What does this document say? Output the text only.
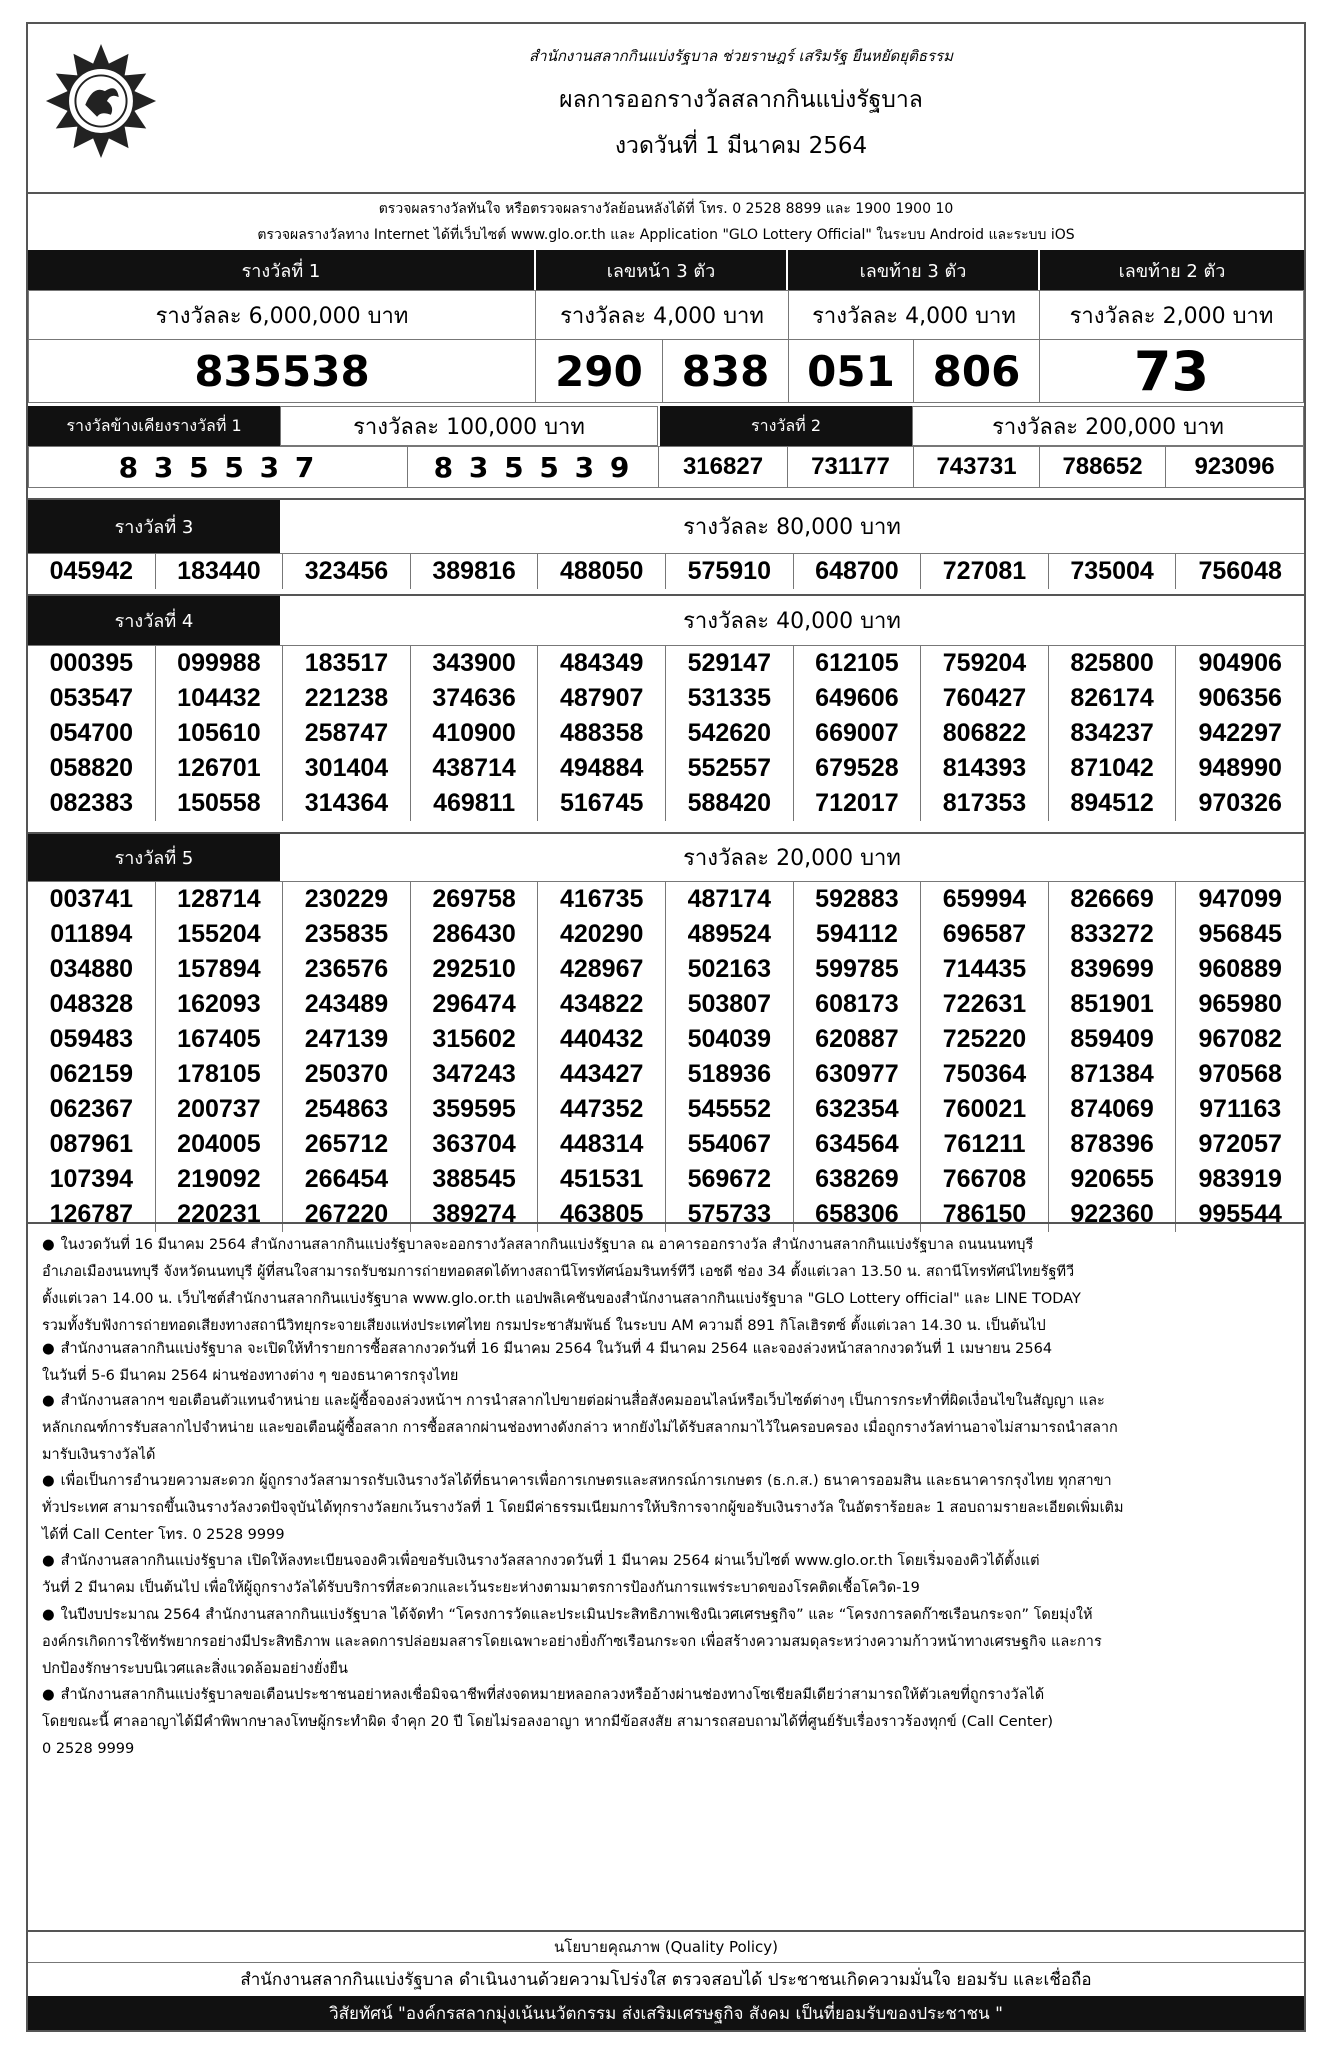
สำนักงานสลากกินแบ่งรัฐบาล ช่วยราษฎร์ เสริมรัฐ ยืนหยัดยุติธรรม
ผลการออกรางวัลสลากกินแบ่งรัฐบาล
งวดวันที่ 1 มีนาคม 2564
ตรวจผลรางวัลทันใจ หรือตรวจผลรางวัลย้อนหลังได้ที่ โทร. 0 2528 8899 และ 1900 1900 10
ตรวจผลรางวัลทาง Internet ได้ที่เว็บไซต์ www.glo.or.th และ Application "GLO Lottery Official" ในระบบ Android และระบบ iOS
รางวัลที่ 1	เลขหน้า 3 ตัว	เลขท้าย 3 ตัว	เลขท้าย 2 ตัว
รางวัลละ 6,000,000 บาท	รางวัลละ 4,000 บาท	รางวัลละ 4,000 บาท	รางวัลละ 2,000 บาท
835538	290 838 051 806	73
รางวัลข้างเคียงรางวัลที่ 1	รางวัลละ 100,000 บาท	รางวัลที่ 2	รางวัลละ 200,000 บาท
8 3 5 5 3 7	8 3 5 5 3 9	316827	731177	743731	788652	923096
รางวัลที่ 3	รางวัลละ 80,000 บาท
045942	183440	323456	389816	488050	575910	648700	727081	735004	756048
รางวัลที่ 4	รางวัลละ 40,000 บาท
000395	099988	183517	343900	484349	529147	612105	759204	825800	904906
053547	104432	221238	374636	487907	531335	649606	760427	826174	906356
054700	105610	258747	410900	488358	542620	669007	806822	834237	942297
058820	126701	301404	438714	494884	552557	679528	814393	871042	948990
082383	150558	314364	469811	516745	588420	712017	817353	894512	970326
รางวัลที่ 5	รางวัลละ 20,000 บาท
003741	128714	230229	269758	416735	487174	592883	659994	826669	947099
011894	155204	235835	286430	420290	489524	594112	696587	833272	956845
034880	157894	236576	292510	428967	502163	599785	714435	839699	960889
048328	162093	243489	296474	434822	503807	608173	722631	851901	965980
059483	167405	247139	315602	440432	504039	620887	725220	859409	967082
062159	178105	250370	347243	443427	518936	630977	750364	871384	970568
062367	200737	254863	359595	447352	545552	632354	760021	874069	971163
087961	204005	265712	363704	448314	554067	634564	761211	878396	972057
107394	219092	266454	388545	451531	569672	638269	766708	920655	983919
126787	220231	267220	389274	463805	575733	658306	786150	922360	995544
● ในงวดวันที่ 16 มีนาคม 2564 สำนักงานสลากกินแบ่งรัฐบาลจะออกรางวัลสลากกินแบ่งรัฐบาล ณ อาคารออกรางวัล สำนักงานสลากกินแบ่งรัฐบาล ถนนนนทบุรี
อำเภอเมืองนนทบุรี จังหวัดนนทบุรี ผู้ที่สนใจสามารถรับชมการถ่ายทอดสดได้ทางสถานีโทรทัศน์อมรินทร์ทีวี เอชดี ช่อง 34 ตั้งแต่เวลา 13.50 น. สถานีโทรทัศน์ไทยรัฐทีวี
ตั้งแต่เวลา 14.00 น. เว็บไซต์สำนักงานสลากกินแบ่งรัฐบาล www.glo.or.th แอปพลิเคชันของสำนักงานสลากกินแบ่งรัฐบาล "GLO Lottery official" และ LINE TODAY
รวมทั้งรับฟังการถ่ายทอดเสียงทางสถานีวิทยุกระจายเสียงแห่งประเทศไทย กรมประชาสัมพันธ์ ในระบบ AM ความถี่ 891 กิโลเฮิรตซ์ ตั้งแต่เวลา 14.30 น. เป็นต้นไป
● สำนักงานสลากกินแบ่งรัฐบาล จะเปิดให้ทำรายการซื้อสลากงวดวันที่ 16 มีนาคม 2564 ในวันที่ 4 มีนาคม 2564 และจองล่วงหน้าสลากงวดวันที่ 1 เมษายน 2564
ในวันที่ 5-6 มีนาคม 2564 ผ่านช่องทางต่าง ๆ ของธนาคารกรุงไทย
● สำนักงานสลากฯ ขอเตือนตัวแทนจำหน่าย และผู้ซื้อจองล่วงหน้าฯ การนำสลากไปขายต่อผ่านสื่อสังคมออนไลน์หรือเว็บไซต์ต่างๆ เป็นการกระทำที่ผิดเงื่อนไขในสัญญา และ
หลักเกณฑ์การรับสลากไปจำหน่าย และขอเตือนผู้ซื้อสลาก การซื้อสลากผ่านช่องทางดังกล่าว หากยังไม่ได้รับสลากมาไว้ในครอบครอง เมื่อถูกรางวัลท่านอาจไม่สามารถนำสลาก
มารับเงินรางวัลได้
● เพื่อเป็นการอำนวยความสะดวก ผู้ถูกรางวัลสามารถรับเงินรางวัลได้ที่ธนาคารเพื่อการเกษตรและสหกรณ์การเกษตร (ธ.ก.ส.) ธนาคารออมสิน และธนาคารกรุงไทย ทุกสาขา
ทั่วประเทศ สามารถขึ้นเงินรางวัลงวดปัจจุบันได้ทุกรางวัลยกเว้นรางวัลที่ 1 โดยมีค่าธรรมเนียมการให้บริการจากผู้ขอรับเงินรางวัล ในอัตราร้อยละ 1 สอบถามรายละเอียดเพิ่มเติม
ได้ที่ Call Center โทร. 0 2528 9999
● สำนักงานสลากกินแบ่งรัฐบาล เปิดให้ลงทะเบียนจองคิวเพื่อขอรับเงินรางวัลสลากงวดวันที่ 1 มีนาคม 2564 ผ่านเว็บไซต์ www.glo.or.th โดยเริ่มจองคิวได้ตั้งแต่
วันที่ 2 มีนาคม เป็นต้นไป เพื่อให้ผู้ถูกรางวัลได้รับบริการที่สะดวกและเว้นระยะห่างตามมาตรการป้องกันการแพร่ระบาดของโรคติดเชื้อโควิด-19
● ในปีงบประมาณ 2564 สำนักงานสลากกินแบ่งรัฐบาล ได้จัดทำ “โครงการวัดและประเมินประสิทธิภาพเชิงนิเวศเศรษฐกิจ” และ “โครงการลดก๊าซเรือนกระจก” โดยมุ่งให้
องค์กรเกิดการใช้ทรัพยากรอย่างมีประสิทธิภาพ และลดการปล่อยมลสารโดยเฉพาะอย่างยิ่งก๊าซเรือนกระจก เพื่อสร้างความสมดุลระหว่างความก้าวหน้าทางเศรษฐกิจ และการ
ปกป้องรักษาระบบนิเวศและสิ่งแวดล้อมอย่างยั่งยืน
● สำนักงานสลากกินแบ่งรัฐบาลขอเตือนประชาชนอย่าหลงเชื่อมิจฉาชีพที่ส่งจดหมายหลอกลวงหรืออ้างผ่านช่องทางโซเชียลมีเดียว่าสามารถให้ตัวเลขที่ถูกรางวัลได้
โดยขณะนี้ ศาลอาญาได้มีคำพิพากษาลงโทษผู้กระทำผิด จำคุก 20 ปี โดยไม่รอลงอาญา หากมีข้อสงสัย สามารถสอบถามได้ที่ศูนย์รับเรื่องราวร้องทุกข์ (Call Center)
0 2528 9999
นโยบายคุณภาพ (Quality Policy)
สำนักงานสลากกินแบ่งรัฐบาล ดำเนินงานด้วยความโปร่งใส ตรวจสอบได้ ประชาชนเกิดความมั่นใจ ยอมรับ และเชื่อถือ
วิสัยทัศน์ "องค์กรสลากมุ่งเน้นนวัตกรรม ส่งเสริมเศรษฐกิจ สังคม เป็นที่ยอมรับของประชาชน "
